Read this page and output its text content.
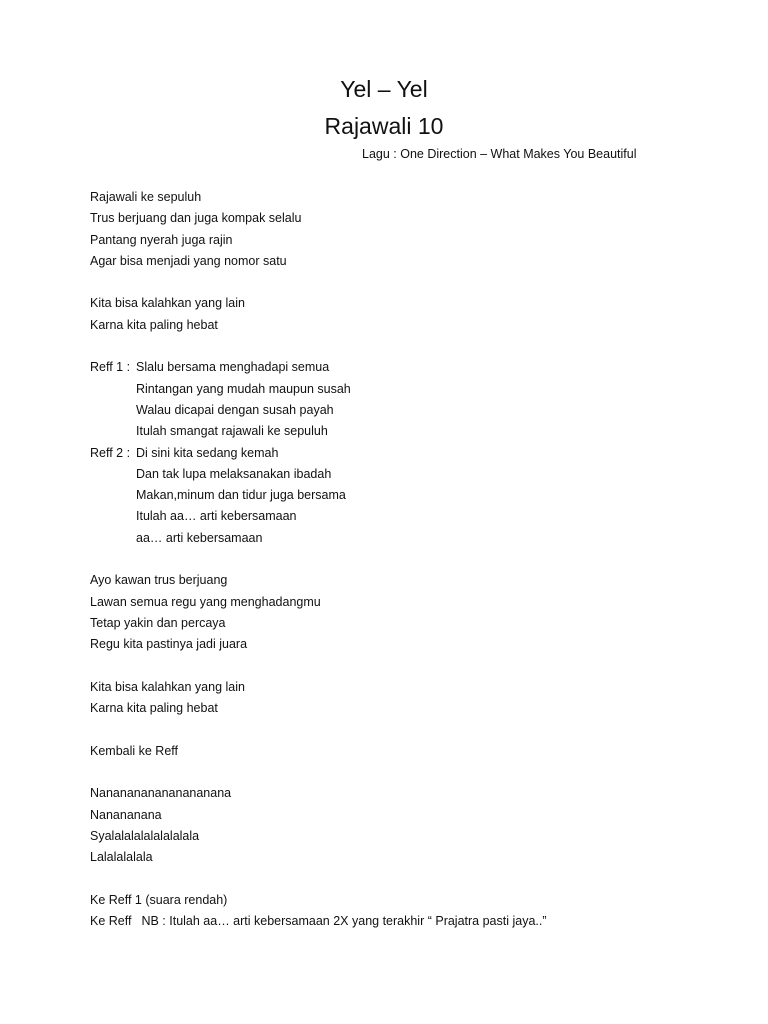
Yel – Yel
Rajawali 10
Lagu : One Direction – What Makes You Beautiful
Rajawali ke sepuluh
Trus berjuang dan juga kompak selalu
Pantang nyerah juga rajin
Agar bisa menjadi yang nomor satu
Kita bisa kalahkan yang lain
Karna kita paling hebat
Reff 1 : Slalu bersama menghadapi semua
Rintangan yang mudah maupun susah
Walau dicapai dengan susah payah
Itulah smangat rajawali ke sepuluh
Reff 2 : Di sini kita sedang kemah
Dan tak lupa melaksanakan ibadah
Makan,minum dan tidur juga bersama
Itulah aa… arti kebersamaan
aa… arti kebersamaan
Ayo kawan trus berjuang
Lawan semua regu yang menghadangmu
Tetap yakin dan percaya
Regu kita pastinya jadi juara
Kita bisa kalahkan yang lain
Karna kita paling hebat
Kembali ke Reff
Nananananananananana
Nanananana
Syalalalalalalalalala
Lalalalalala
Ke Reff 1 (suara rendah)
Ke Reff NB : Itulah aa… arti kebersamaan 2X yang terakhir “ Prajatra pasti jaya..”
